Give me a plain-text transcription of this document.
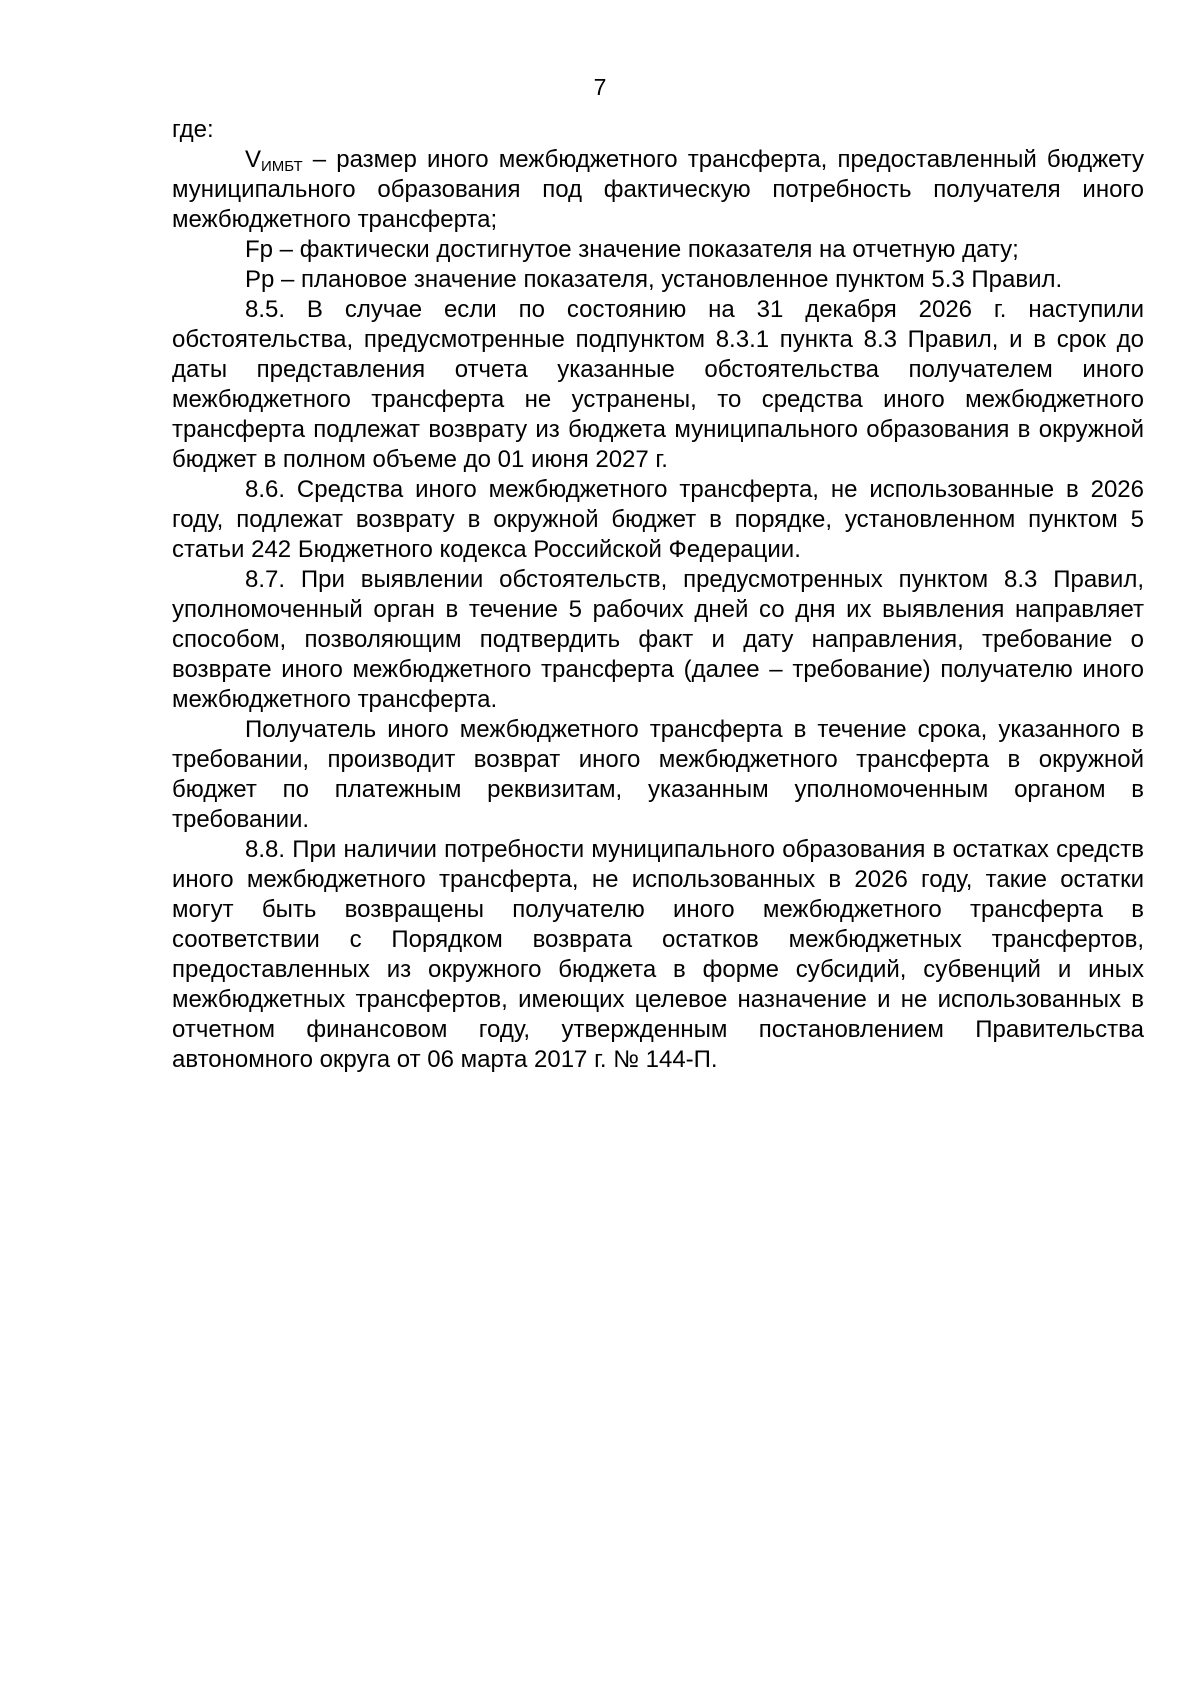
7

где:

$V_{ИМБТ}$ – размер иного межбюджетного трансферта, предоставленный бюджету муниципального образования под фактическую потребность получателя иного межбюджетного трансферта;

Fp – фактически достигнутое значение показателя на отчетную дату;

Pp – плановое значение показателя, установленное пунктом 5.3 Правил.

8.5. В случае если по состоянию на 31 декабря 2026 г. наступили обстоятельства, предусмотренные подпунктом 8.3.1 пункта 8.3 Правил, и в срок до даты представления отчета указанные обстоятельства получателем иного межбюджетного трансферта не устранены, то средства иного межбюджетного трансферта подлежат возврату из бюджета муниципального образования в окружной бюджет в полном объеме до 01 июня 2027 г.

8.6. Средства иного межбюджетного трансферта, не использованные в 2026 году, подлежат возврату в окружной бюджет в порядке, установленном пунктом 5 статьи 242 Бюджетного кодекса Российской Федерации.

8.7. При выявлении обстоятельств, предусмотренных пунктом 8.3 Правил, уполномоченный орган в течение 5 рабочих дней со дня их выявления направляет способом, позволяющим подтвердить факт и дату направления, требование о возврате иного межбюджетного трансферта (далее – требование) получателю иного межбюджетного трансферта.

Получатель иного межбюджетного трансферта в течение срока, указанного в требовании, производит возврат иного межбюджетного трансферта в окружной бюджет по платежным реквизитам, указанным уполномоченным органом в требовании.

8.8. При наличии потребности муниципального образования в остатках средств иного межбюджетного трансферта, не использованных в 2026 году, такие остатки могут быть возвращены получателю иного межбюджетного трансферта в соответствии с Порядком возврата остатков межбюджетных трансфертов, предоставленных из окружного бюджета в форме субсидий, субвенций и иных межбюджетных трансфертов, имеющих целевое назначение и не использованных в отчетном финансовом году, утвержденным постановлением Правительства автономного округа от 06 марта 2017 г. № 144-П.
